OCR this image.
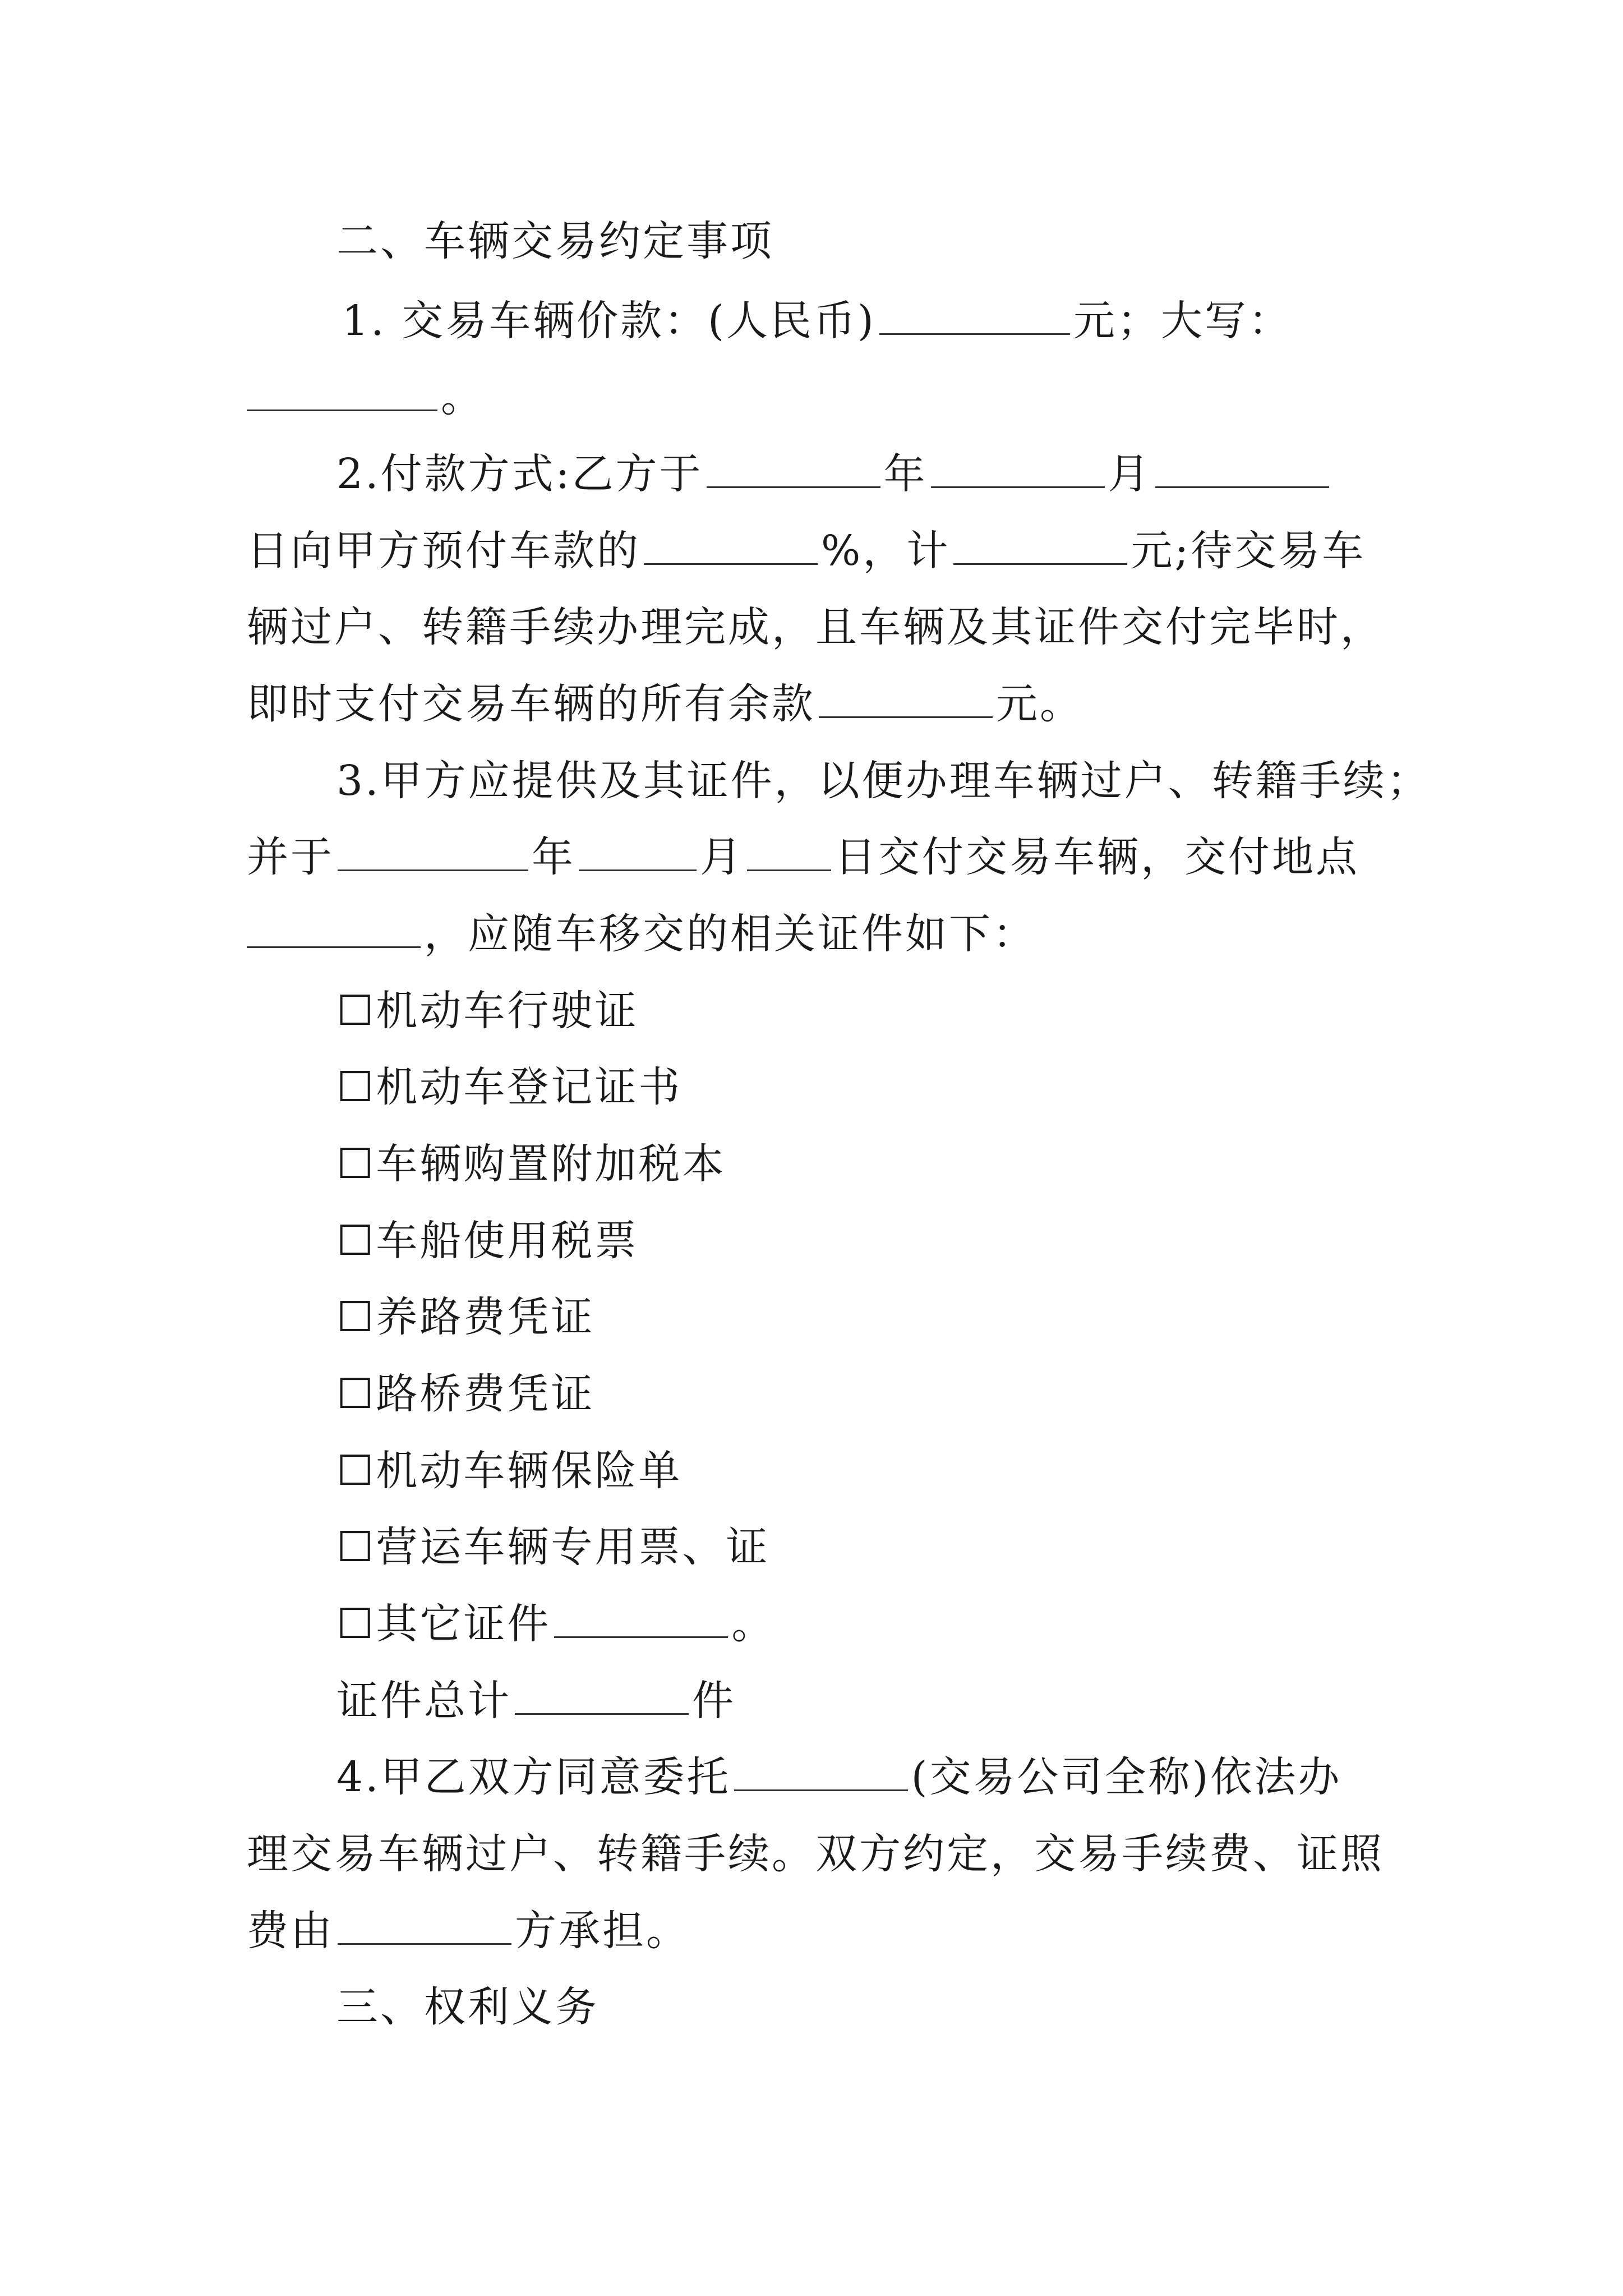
二、车辆交易约定事项
1. 交易车辆价款：(人民币)	元；大写：
。
2.付款方式:乙方于	年	月
日向甲方预付车款的	%，计	元;待交易车
辆过户、转籍手续办理完成，且车辆及其证件交付完毕时，
即时支付交易车辆的所有余款	元。
3.甲方应提供及其证件，以便办理车辆过户、转籍手续；
并于	年	月 日交付交易车辆，交付地点
，应随车移交的相关证件如下：
☐机动车行驶证
☐机动车登记证书
☐车辆购置附加税本
☐车船使用税票
☐养路费凭证
☐路桥费凭证
☐机动车辆保险单
☐营运车辆专用票、证
☐其它证件	。
证件总计	件
4.甲乙双方同意委托	(交易公司全称)依法办
理交易车辆过户、转籍手续。双方约定，交易手续费、证照
费由	方承担。
三、权利义务
